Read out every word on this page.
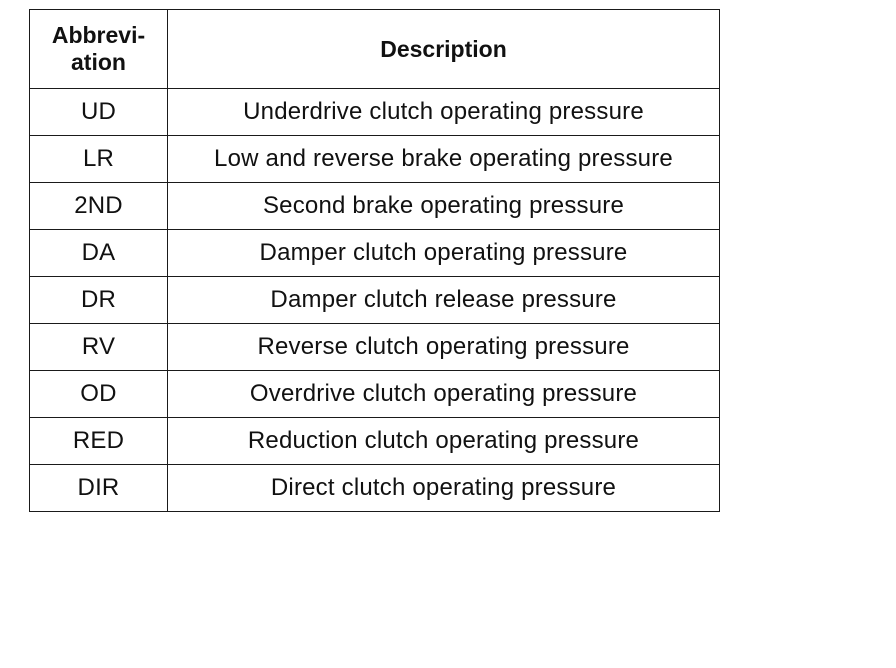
Abbrevi-
ation	Description
UD	Underdrive clutch operating pressure
LR	Low and reverse brake operating pressure
2ND	Second brake operating pressure
DA	Damper clutch operating pressure
DR	Damper clutch release pressure
RV	Reverse clutch operating pressure
OD	Overdrive clutch operating pressure
RED	Reduction clutch operating pressure
DIR	Direct clutch operating pressure
